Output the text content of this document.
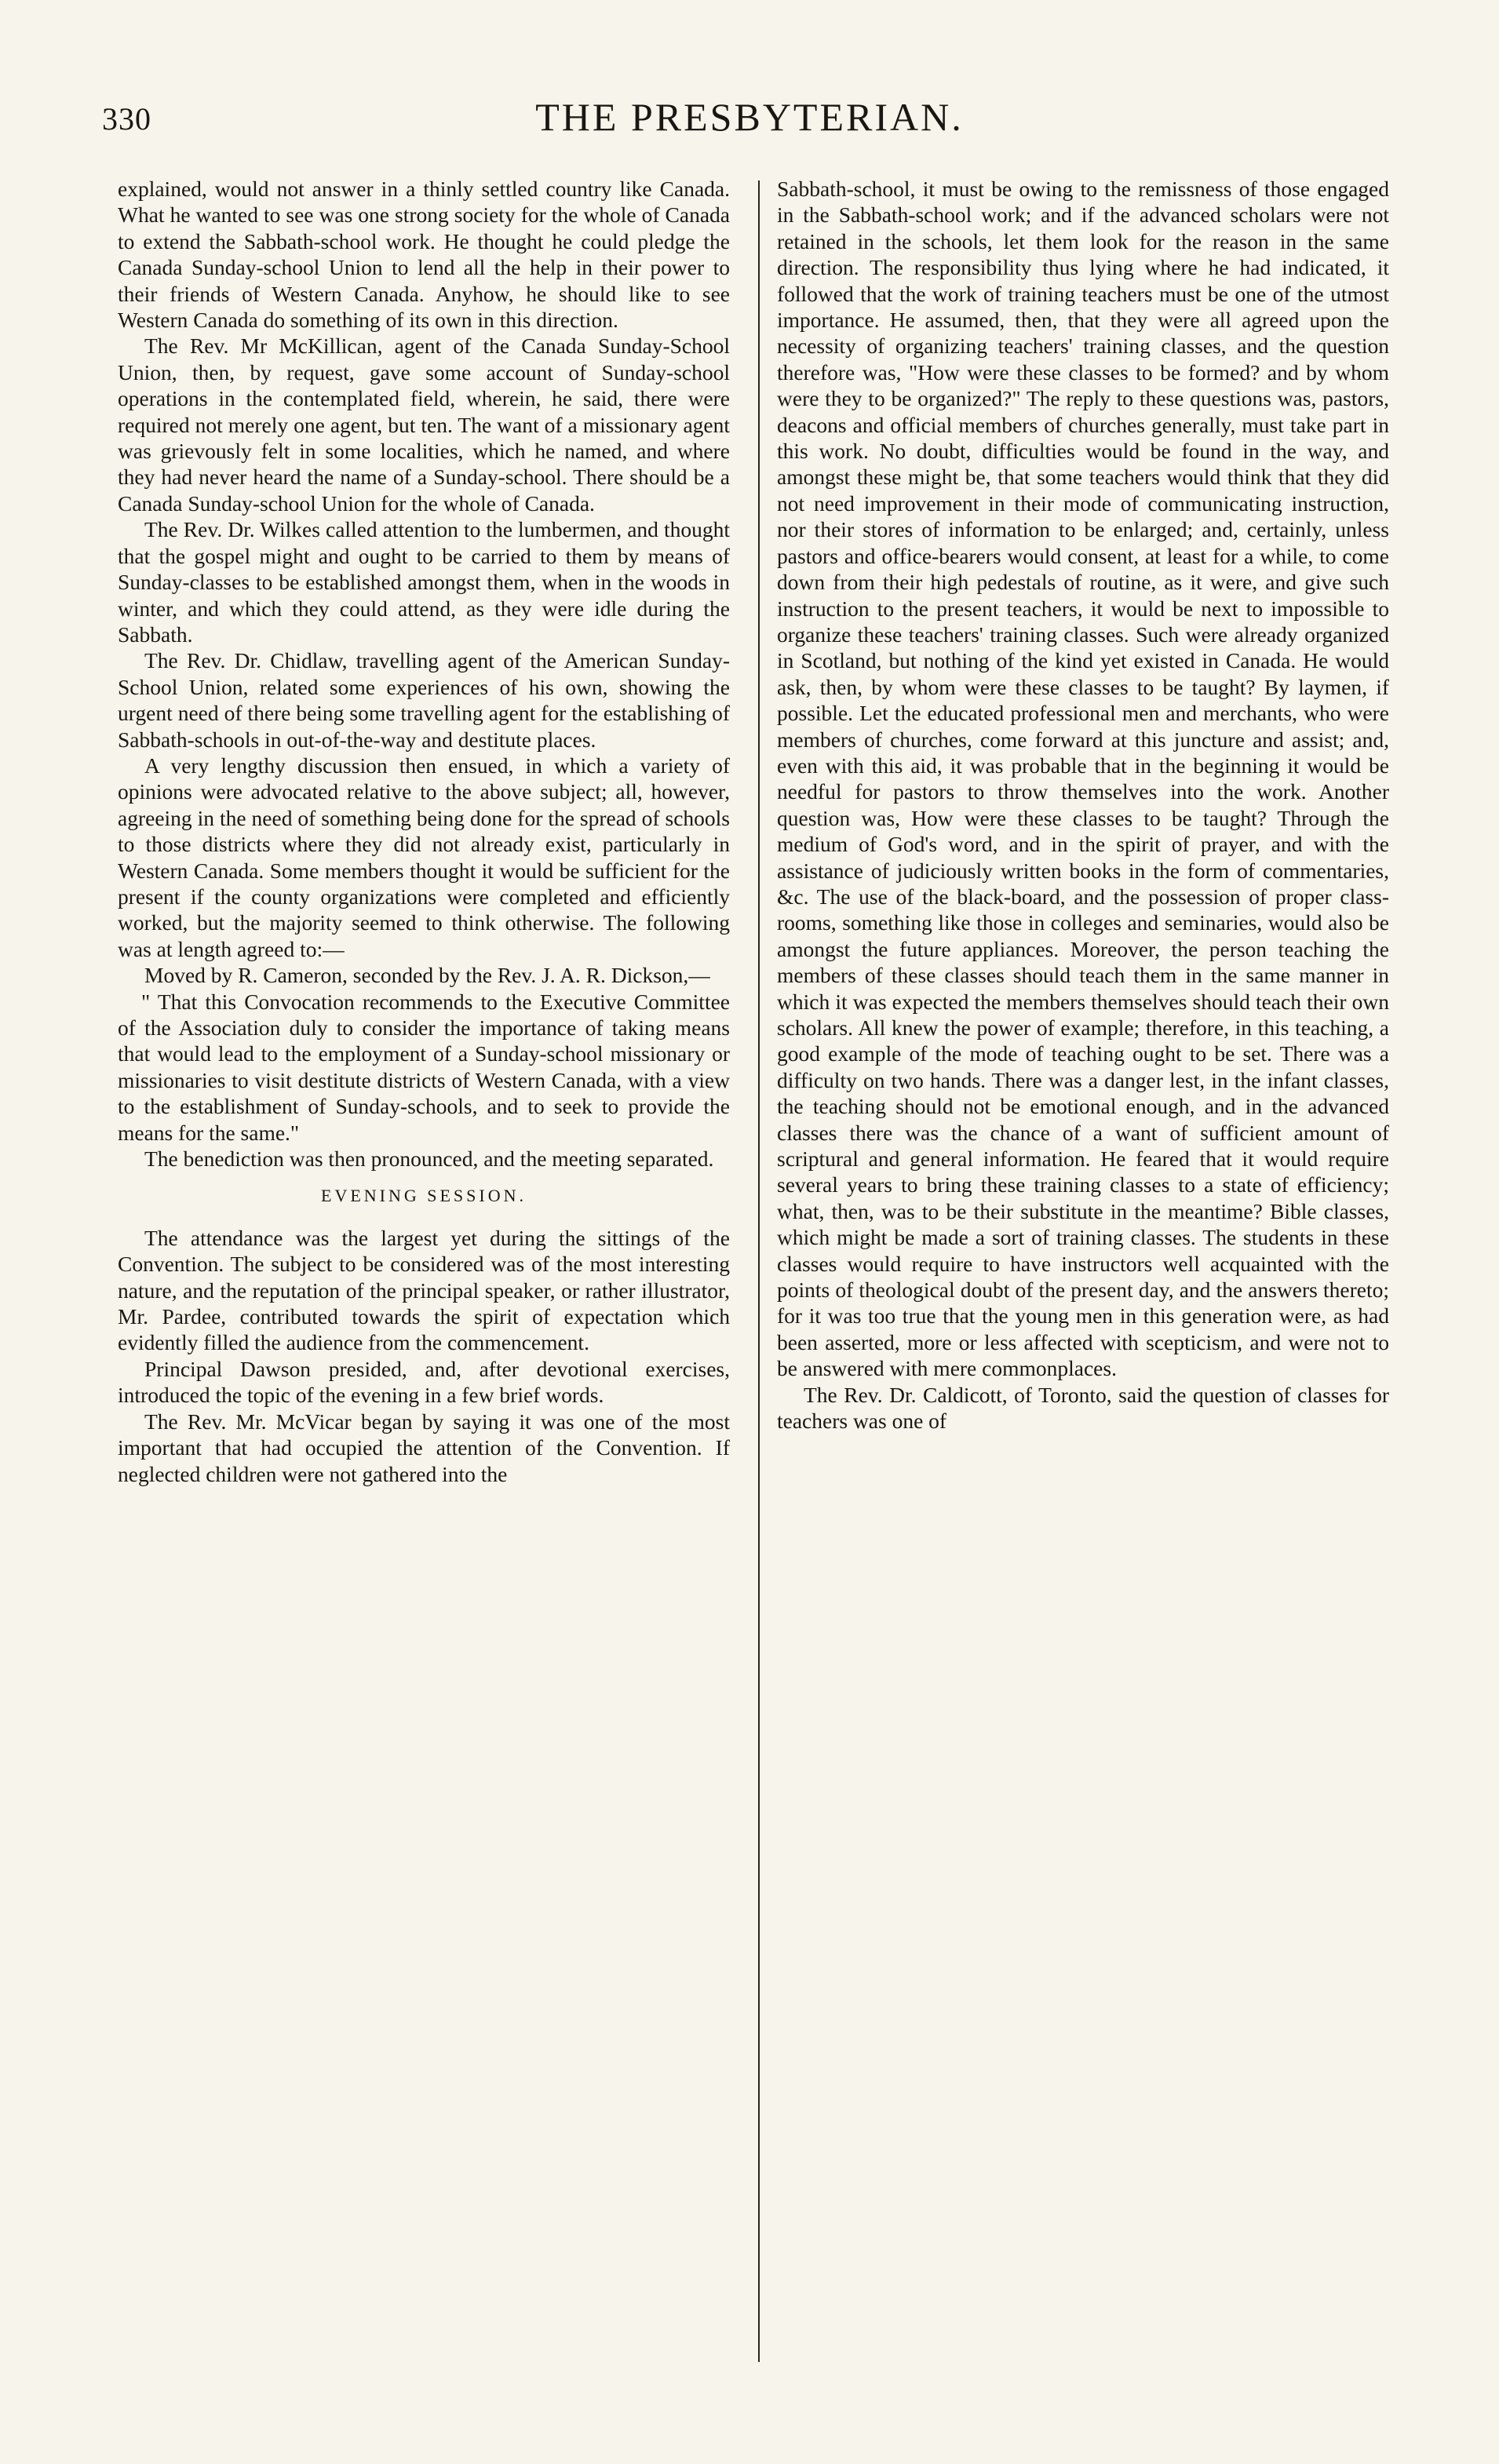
330	THE PRESBYTERIAN.

explained, would not answer in a thinly settled country like Canada. What he wanted to see was one strong society for the whole of Canada to extend the Sabbath-school work. He thought he could pledge the Canada Sunday-school Union to lend all the help in their power to their friends of Western Canada. Anyhow, he should like to see Western Canada do something of its own in this direction.

The Rev. Mr McKillican, agent of the Canada Sunday-School Union, then, by request, gave some account of Sunday-school operations in the contemplated field, wherein, he said, there were required not merely one agent, but ten. The want of a missionary agent was grievously felt in some localities, which he named, and where they had never heard the name of a Sunday-school. There should be a Canada Sunday-school Union for the whole of Canada.

The Rev. Dr. Wilkes called attention to the lumbermen, and thought that the gospel might and ought to be carried to them by means of Sunday-classes to be established amongst them, when in the woods in winter, and which they could attend, as they were idle during the Sabbath.

The Rev. Dr. Chidlaw, travelling agent of the American Sunday-School Union, related some experiences of his own, showing the urgent need of there being some travelling agent for the establishing of Sabbath-schools in out-of-the-way and destitute places.

A very lengthy discussion then ensued, in which a variety of opinions were advocated relative to the above subject; all, however, agreeing in the need of something being done for the spread of schools to those districts where they did not already exist, particularly in Western Canada. Some members thought it would be sufficient for the present if the county organizations were completed and efficiently worked, but the majority seemed to think otherwise. The following was at length agreed to:—

Moved by R. Cameron, seconded by the Rev. J. A. R. Dickson,—

" That this Convocation recommends to the Executive Committee of the Association duly to consider the importance of taking means that would lead to the employment of a Sunday-school missionary or missionaries to visit destitute districts of Western Canada, with a view to the establishment of Sunday-schools, and to seek to provide the means for the same."

The benediction was then pronounced, and the meeting separated.

EVENING SESSION.

The attendance was the largest yet during the sittings of the Convention. The subject to be considered was of the most interesting nature, and the reputation of the principal speaker, or rather illustrator, Mr. Pardee, contributed towards the spirit of expectation which evidently filled the audience from the commencement.

Principal Dawson presided, and, after devotional exercises, introduced the topic of the evening in a few brief words.

The Rev. Mr. McVicar began by saying it was one of the most important that had occupied the attention of the Convention. If neglected children were not gathered into the

Sabbath-school, it must be owing to the remissness of those engaged in the Sabbath-school work; and if the advanced scholars were not retained in the schools, let them look for the reason in the same direction. The responsibility thus lying where he had indicated, it followed that the work of training teachers must be one of the utmost importance. He assumed, then, that they were all agreed upon the necessity of organizing teachers' training classes, and the question therefore was, "How were these classes to be formed? and by whom were they to be organized?" The reply to these questions was, pastors, deacons and official members of churches generally, must take part in this work. No doubt, difficulties would be found in the way, and amongst these might be, that some teachers would think that they did not need improvement in their mode of communicating instruction, nor their stores of information to be enlarged; and, certainly, unless pastors and office-bearers would consent, at least for a while, to come down from their high pedestals of routine, as it were, and give such instruction to the present teachers, it would be next to impossible to organize these teachers' training classes. Such were already organized in Scotland, but nothing of the kind yet existed in Canada. He would ask, then, by whom were these classes to be taught? By laymen, if possible. Let the educated professional men and merchants, who were members of churches, come forward at this juncture and assist; and, even with this aid, it was probable that in the beginning it would be needful for pastors to throw themselves into the work. Another question was, How were these classes to be taught? Through the medium of God's word, and in the spirit of prayer, and with the assistance of judiciously written books in the form of commentaries, &c. The use of the black-board, and the possession of proper class-rooms, something like those in colleges and seminaries, would also be amongst the future appliances. Moreover, the person teaching the members of these classes should teach them in the same manner in which it was expected the members themselves should teach their own scholars. All knew the power of example; therefore, in this teaching, a good example of the mode of teaching ought to be set. There was a difficulty on two hands. There was a danger lest, in the infant classes, the teaching should not be emotional enough, and in the advanced classes there was the chance of a want of sufficient amount of scriptural and general information. He feared that it would require several years to bring these training classes to a state of efficiency; what, then, was to be their substitute in the meantime? Bible classes, which might be made a sort of training classes. The students in these classes would require to have instructors well acquainted with the points of theological doubt of the present day, and the answers thereto; for it was too true that the young men in this generation were, as had been asserted, more or less affected with scepticism, and were not to be answered with mere commonplaces.

The Rev. Dr. Caldicott, of Toronto, said the question of classes for teachers was one of
